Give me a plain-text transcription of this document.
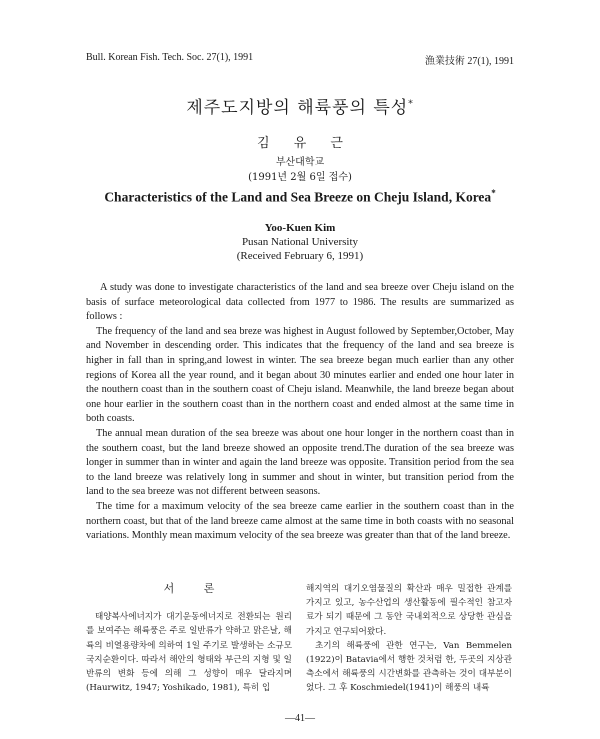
Bull. Korean Fish. Tech. Soc. 27(1), 1991	漁業技術 27(1), 1991
제주도지방의 해륙풍의 특성*
김 유 근
부산대학교
(1991년 2월 6일 접수)
Characteristics of the Land and Sea Breeze on Cheju Island, Korea*
Yoo-Kuen Kim
Pusan National University
(Received February 6, 1991)

A study was done to investigate characteristics of the land and sea breeze over Cheju island on the basis of surface meteorological data collected from 1977 to 1986. The results are summarized as follows :

The frequency of the land and sea breze was highest in August followed by September,October, May and November in descending order. This indicates that the frequency of the land and sea breeze is higher in fall than in spring,and lowest in winter. The sea breeze began much earlier than any other regions of Korea all the year round, and it began about 30 minutes earlier and ended one hour later in the nouthern coast than in the southern coast of Cheju island. Meanwhile, the land breeze began about one hour earlier in the southern coast than in the northern coast and ended almost at the same time in both coasts.

The annual mean duration of the sea breeze was about one hour longer in the northern coast than in the southern coast, but the land breeze showed an opposite trend.The duration of the sea breeze was longer in summer than in winter and again the land breeze was opposite. Transition period from the sea to the land breeze was relatively long in summer and shout in winter, but transition period from the land to the sea breeze was not different between seasons.

The time for a maximum velocity of the sea breeze came earlier in the southern coast than in the northern coast, but that of the land breeze came almost at the same time in both coasts with no seasonal variations. Monthly mean maximum velocity of the sea breeze was greater than that of the land breeze.

서 론

태양복사에너지가 대기운동에너지로 전환되는 원리를 보여주는 해륙풍은 주로 일반류가 약하고 맑은날, 해륙의 비열용량차에 의하여 1일 주기로 발생하는 소규모 국지순환이다. 따라서 해안의 형태와 부근의 지형 및 일반류의 변화 등에 의해 그 성향이 매우 달라지며(Haurwitz, 1947; Yoshikado, 1981), 특히 입

해지역의 대기오염물질의 확산과 매우 밀접한 관계를 가지고 있고, 농수산업의 생산활동에 필수적인 참고자료가 되기 때문에 그 동안 국내외적으로 상당한 관심을 가지고 연구되어왔다.

초기의 해륙풍에 관한 연구는, Van Bemmelen (1922)이 Batavia에서 행한 것처럼 한, 두곳의 지상관측소에서 해륙풍의 시간변화를 관측하는 것이 대부분이었다. 그 후 Koschmiedel(1941)이 해풍의 내륙

—41—
